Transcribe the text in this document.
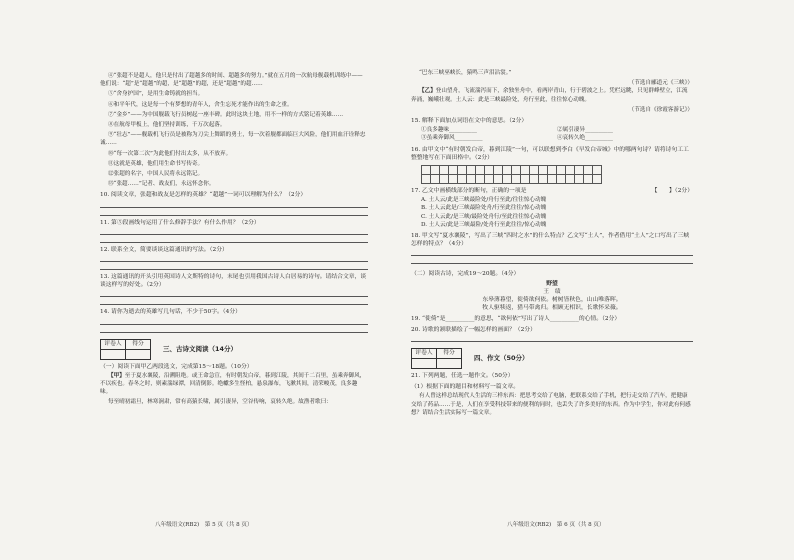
④“张超不是超人，他只是付出了超越多的时间、超越多的努力。”就在五月的一次航母舰载机训练中——他们说：“超”是“超越”的超，是“超越”的超，还是“超越”的超……
⑤“舍身护国”，是用生命铸就的担当。
⑥和平年代，这是每一个有梦想的青年人，舍生忘死才能作出的生命之重。
⑦“金乡”——为中国舰载飞行员树起一座丰碑。此时这块土地，用不一样的方式铭记着英雄……
⑧在航母甲板上，他们坚持训练，千万次起落。
⑨“壮志”——舰载机飞行员是被称为刀尖上舞蹈的勇士，每一次着舰都面临巨大风险，他们用血汗诠释忠诚……
⑩“每一次第二次”为此他们付出太多，从不放弃。
⑪这就是英雄，他们用生命书写传奇。
⑫张超的名字，中国人民将永远铭记。
⑬“张超……”记者、战友们，永远怀念你。
10. 阅读文章，张超和战友是怎样的英雄？“超越”一词可以理解为什么？（2分）
11. 第⑤段画线句运用了什么修辞手法？有什么作用？（2分）
12. 联系全文，简要谈谈这篇通讯的写法。（2分）
13. 这篇通讯的开头引用英国诗人文斯特的诗句，末尾也引用我国古诗人白居易的诗句。请结合文章，谈谈这样写的好处。（2分）
14. 请你为逝去的英雄写几句话，不少于50字。（4分）
评卷人	得分

三、古诗文阅读（14分）
（一）阅读下面甲乙两段选文，完成第15～18题。（10分）
【甲】至于夏水襄陵，沿溯阻绝。或王命急宣，有时朝发白帝，暮到江陵，其间千二百里，虽乘奔御风，不以疾也。春冬之时，则素湍绿潭，回清倒影。绝巘多生怪柏，悬泉瀑布，飞漱其间，清荣峻茂，良多趣味。
每至晴初霜旦，林寒涧肃，常有高猿长啸，属引凄异，空谷传响，哀转久绝。故渔者歌曰：
八年级语文(RB2)　第 5 页（共 8 页）
“巴东三峡巫峡长，猿鸣三声泪沾裳。”
（节选自郦道元《三峡》）
【乙】登山望舟，飞流湍泻而下，余独坐舟中，看两岸青山，行于碧波之上。凭栏远眺，只见群峰壁立，江流奔涌，巍峨壮观。土人云：此是三峡最险处，舟行至此，往往惊心动魄。
（节选自《徐霞客游记》）
15. 解释下面加点词语在文中的意思。（2分）
①良多趣味__________	②属引凄异__________
③虽乘奔御风__________	④哀转久绝__________
16. 由甲文中“有时朝发白帝，暮到江陵”一句，可以联想到李白《早发白帝城》中的哪两句诗？请将诗句工工整整地写在下面田格中。（2分）
17. 乙文中画横线部分的断句，正确的一项是	【　　】（2分）
A. 土人云/此是三峡最险处/舟行至此/往往惊心动魄
B. 土人云此是/三峡最险处舟/行至此往往/惊心动魄
C. 土人云此/是三峡/最险处舟行/至此往往惊心动魄
D. 土人云/此是三峡最险/处舟行至此往往/惊心动魄
18. 甲文写“夏水襄陵”，写出了三峡“四时之水”的什么特点？乙文写“土人”，作者借用“土人”之口写出了三峡怎样的特点？（4分）
（二）阅读古诗，完成19～20题。（4分）
野望
王　绩
东皋薄暮望，徙倚欲何依。树树皆秋色，山山唯落晖。
牧人驱犊返，猎马带禽归。相顾无相识，长歌怀采薇。
19. “徙倚”是__________的意思，“欲何依”写出了诗人__________的心情。（2分）
20. 诗歌的颔联描绘了一幅怎样的画面？（2分）
评卷人	得分

四、作文（50分）
21. 下列两题，任选一题作文。（50分）
（1）根据下面的题目和材料写一篇文章。
有人曾这样总结现代人生活的三样东西：把思考交给了电脑，把联系交给了手机，把行走交给了汽车，把健康交给了药品……于是，人们在享受科技带来的便利的同时，也丢失了许多美好的东西。作为中学生，你对此有何感想？请结合生活实际写一篇文章。
八年级语文(RB2)　第 6 页（共 8 页）
